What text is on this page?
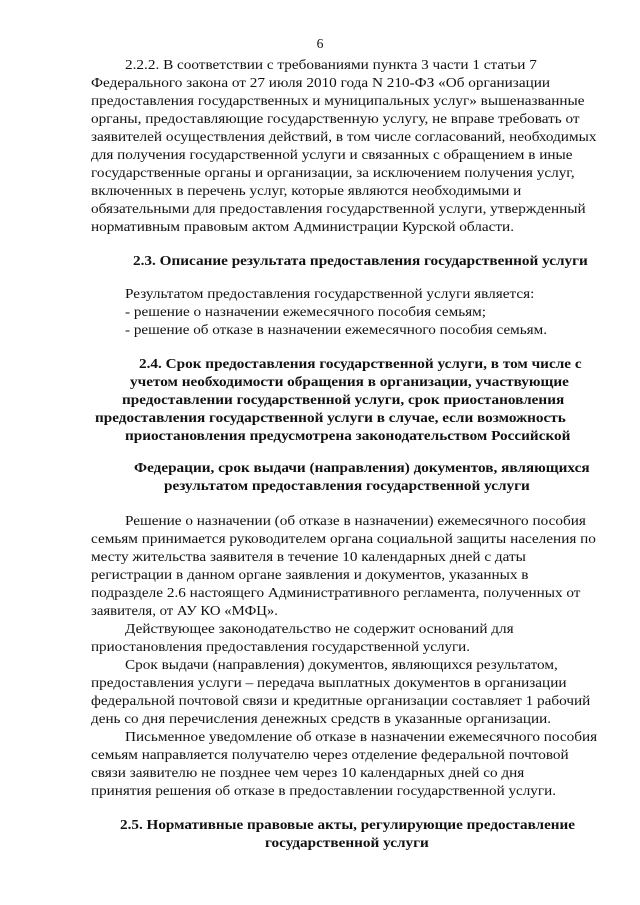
6
2.2.2. В соответствии с требованиями пункта 3 части 1 статьи 7
Федерального закона от 27 июля 2010 года N 210-ФЗ «Об организации
предоставления государственных и муниципальных услуг» вышеназванные
органы, предоставляющие государственную услугу, не вправе требовать от
заявителей осуществления действий, в том числе согласований, необходимых
для получения государственной услуги и связанных с обращением в иные
государственные органы и организации, за исключением получения услуг,
включенных в перечень услуг, которые являются необходимыми и
обязательными для предоставления государственной услуги, утвержденный
нормативным правовым актом Администрации Курской области.
2.3. Описание результата предоставления государственной услуги
Результатом предоставления государственной услуги является:
- решение о назначении ежемесячного пособия семьям;
- решение об отказе в назначении ежемесячного пособия семьям.
2.4. Срок предоставления государственной услуги, в том числе с
учетом необходимости обращения в организации, участвующие
предоставлении государственной услуги, срок приостановления
предоставления государственной услуги в случае, если возможность
приостановления предусмотрена законодательством Российской
Федерации, срок выдачи (направления) документов, являющихся
результатом предоставления государственной услуги
Решение о назначении (об отказе в назначении) ежемесячного пособия
семьям принимается руководителем органа социальной защиты населения по
месту жительства заявителя в течение 10 календарных дней с даты
регистрации в данном органе заявления и документов, указанных в
подразделе 2.6 настоящего Административного регламента, полученных от
заявителя, от АУ КО «МФЦ».
Действующее законодательство не содержит оснований для
приостановления предоставления государственной услуги.
Срок выдачи (направления) документов, являющихся результатом,
предоставления услуги – передача выплатных документов в организации
федеральной почтовой связи и кредитные организации составляет 1 рабочий
день со дня перечисления денежных средств в указанные организации.
Письменное уведомление об отказе в назначении ежемесячного пособия
семьям направляется получателю через отделение федеральной почтовой
связи заявителю не позднее чем через 10 календарных дней со дня
принятия решения об отказе в предоставлении государственной услуги.
2.5. Нормативные правовые акты, регулирующие предоставление
государственной услуги
